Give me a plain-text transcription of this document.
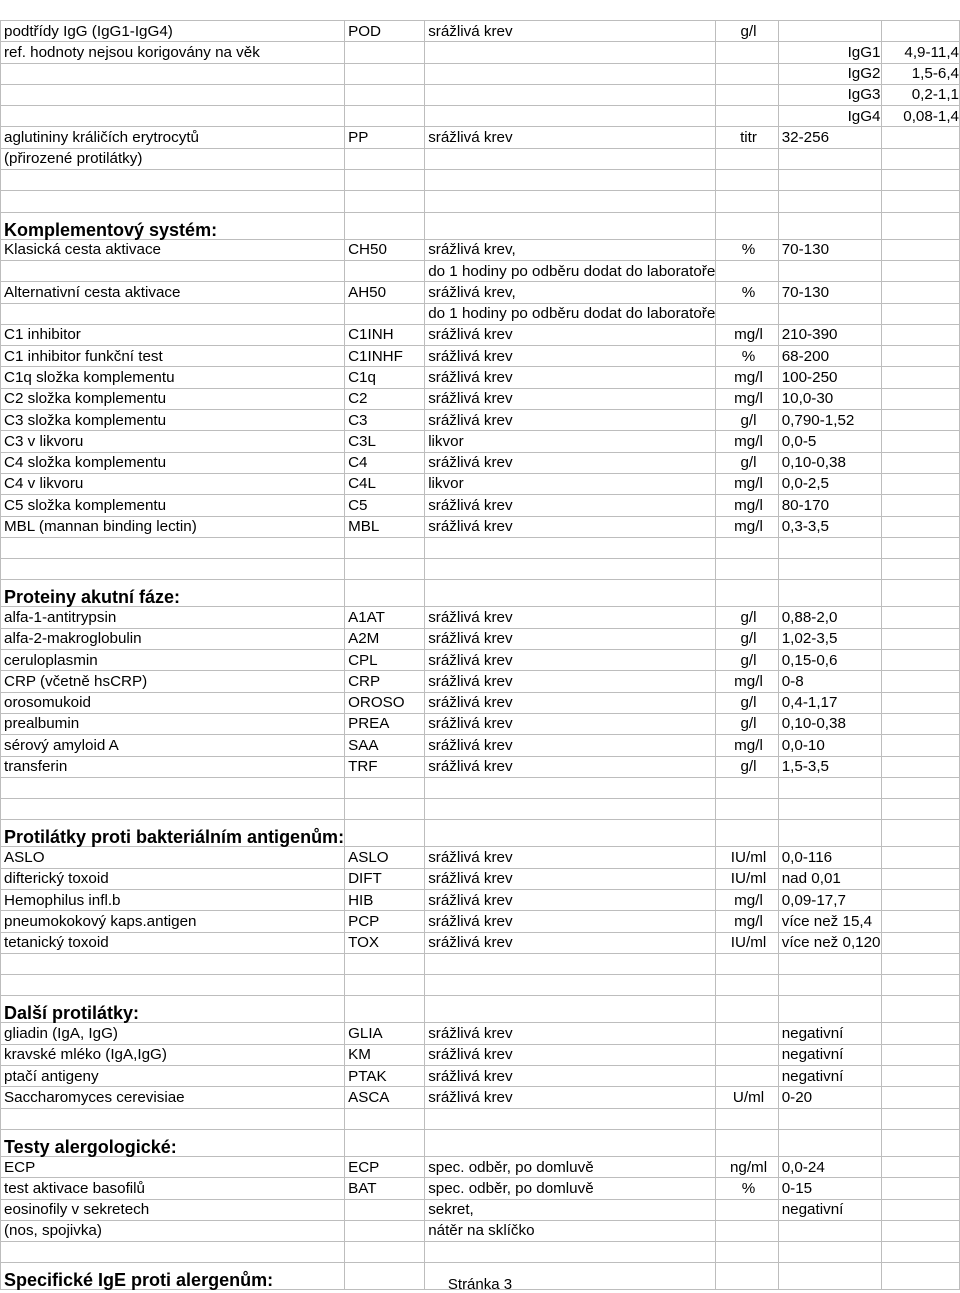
podtřídy IgG (IgG1-IgG4)	POD	srážlivá krev	g/l		
ref. hodnoty nejsou korigovány na věk				IgG1	4,9-11,4
				IgG2	1,5-6,4
				IgG3	0,2-1,1
				IgG4	0,08-1,4
aglutininy králičích erytrocytů	PP	srážlivá krev	titr	32-256	
(přirozené protilátky)					

Komplementový systém:					
Klasická cesta aktivace	CH50	srážlivá krev,	%	70-130	
		do 1 hodiny po odběru dodat do laboratoře			
Alternativní cesta aktivace	AH50	srážlivá krev,	%	70-130	
		do 1 hodiny po odběru dodat do laboratoře			
C1 inhibitor	C1INH	srážlivá krev	mg/l	210-390	
C1 inhibitor funkční test	C1INHF	srážlivá krev	%	68-200	
C1q složka komplementu	C1q	srážlivá krev	mg/l	100-250	
C2 složka komplementu	C2	srážlivá krev	mg/l	10,0-30	
C3 složka komplementu	C3	srážlivá krev	g/l	0,790-1,52	
C3 v likvoru	C3L	likvor	mg/l	0,0-5	
C4 složka komplementu	C4	srážlivá krev	g/l	0,10-0,38	
C4 v likvoru	C4L	likvor	mg/l	0,0-2,5	
C5 složka komplementu	C5	srážlivá krev	mg/l	80-170	
MBL (mannan binding lectin)	MBL	srážlivá krev	mg/l	0,3-3,5	

Proteiny akutní fáze:					
alfa-1-antitrypsin	A1AT	srážlivá krev	g/l	0,88-2,0	
alfa-2-makroglobulin	A2M	srážlivá krev	g/l	1,02-3,5	
ceruloplasmin	CPL	srážlivá krev	g/l	0,15-0,6	
CRP (včetně hsCRP)	CRP	srážlivá krev	mg/l	0-8	
orosomukoid	OROSO	srážlivá krev	g/l	0,4-1,17	
prealbumin	PREA	srážlivá krev	g/l	0,10-0,38	
sérový amyloid A	SAA	srážlivá krev	mg/l	0,0-10	
transferin	TRF	srážlivá krev	g/l	1,5-3,5	

Protilátky proti bakteriálním antigenům:					
ASLO	ASLO	srážlivá krev	IU/ml	0,0-116	
difterický toxoid	DIFT	srážlivá krev	IU/ml	nad 0,01	
Hemophilus infl.b	HIB	srážlivá krev	mg/l	0,09-17,7	
pneumokokový kaps.antigen	PCP	srážlivá krev	mg/l	více než 15,4	
tetanický toxoid	TOX	srážlivá krev	IU/ml	více než 0,120	

Další protilátky:					
gliadin (IgA, IgG)	GLIA	srážlivá krev		negativní	
kravské mléko (IgA,IgG)	KM	srážlivá krev		negativní	
ptačí antigeny	PTAK	srážlivá krev		negativní	
Saccharomyces cerevisiae	ASCA	srážlivá krev	U/ml	0-20	

Testy alergologické:					
ECP	ECP	spec. odběr, po domluvě	ng/ml	0,0-24	
test aktivace basofilů	BAT	spec. odběr, po domluvě	%	0-15	
eosinofily v sekretech		sekret,		negativní	
(nos, spojivka)		nátěr na sklíčko			

Specifické IgE proti alergenům:						Stránka 3
